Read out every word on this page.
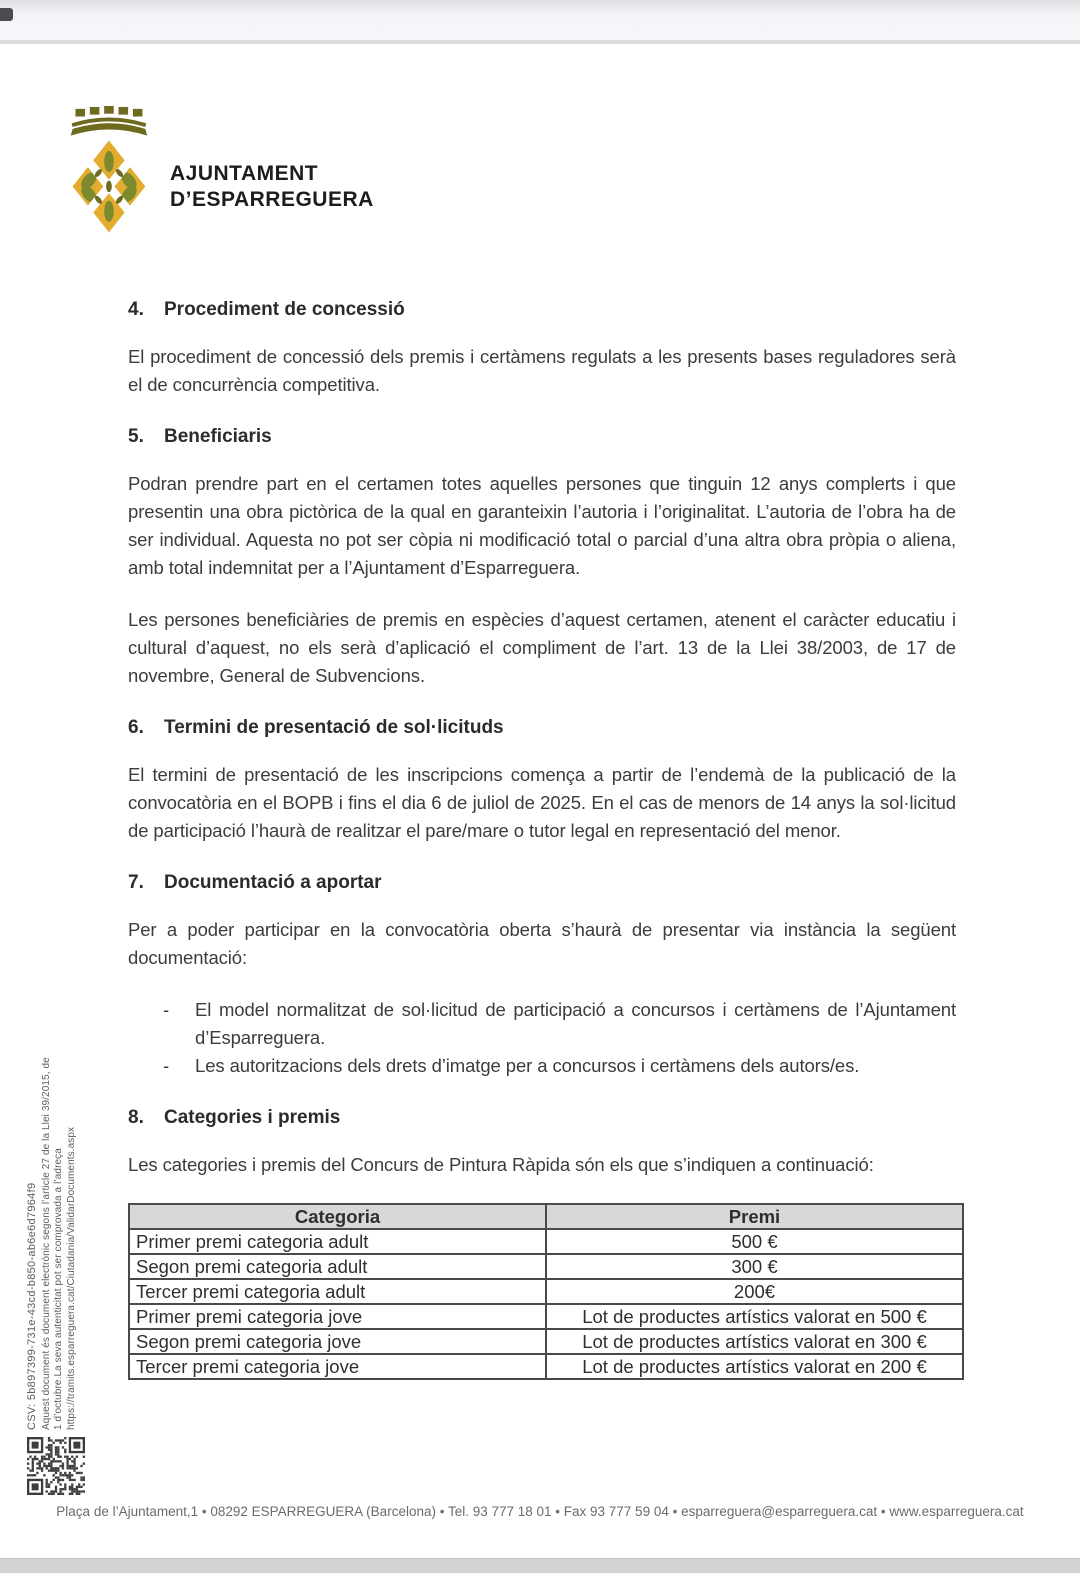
AJUNTAMENT
D’ESPARREGUERA
4.	Procediment de concessió

El procediment de concessió dels premis i certàmens regulats a les presents bases reguladores serà el de concurrència competitiva.

5.	Beneficiaris

Podran prendre part en el certamen totes aquelles persones que tinguin 12 anys complerts i que presentin una obra pictòrica de la qual en garanteixin l’autoria i l’originalitat. L’autoria de l’obra ha de ser individual. Aquesta no pot ser còpia ni modificació total o parcial d’una altra obra pròpia o aliena, amb total indemnitat per a l’Ajuntament d’Esparreguera.

Les persones beneficiàries de premis en espècies d’aquest certamen, atenent el caràcter educatiu i cultural d’aquest, no els serà d’aplicació el compliment de l’art. 13 de la Llei 38/2003, de 17 de novembre, General de Subvencions.

6.	Termini de presentació de sol·licituds

El termini de presentació de les inscripcions comença a partir de l’endemà de la publicació de la convocatòria en el BOPB i fins el dia 6 de juliol de 2025. En el cas de menors de 14 anys la sol·licitud de participació l’haurà de realitzar el pare/mare o tutor legal en representació del menor.

7.	Documentació a aportar

Per a poder participar en la convocatòria oberta s’haurà de presentar via instància la següent documentació:

-	El model normalitzat de sol·licitud de participació a concursos i certàmens de l’Ajuntament d’Esparreguera.
-	Les autoritzacions dels drets d’imatge per a concursos i certàmens dels autors/es.
8.	Categories i premis

Les categories i premis del Concurs de Pintura Ràpida són els que s’indiquen a continuació:

Categoria	Premi
Primer premi categoria adult	500 €
Segon premi categoria adult	300 €
Tercer premi categoria adult	200€
Primer premi categoria jove	Lot de productes artístics valorat en 500 €
Segon premi categoria jove	Lot de productes artístics valorat en 300 €
Tercer premi categoria jove	Lot de productes artístics valorat en 200 €
CSV: 5b897399-731e-43cd-b850-ab6e6d7964f9 Aquest document és document electrònic segons l’article 27 de la Llei 39/2015, de 1 d’octubre.La seva autenticitat pot ser comprovada a l’adreça https://tramits.esparreguera.cat/Ciutadania/ValidarDocuments.aspx
Plaça de l’Ajuntament,1 • 08292 ESPARREGUERA (Barcelona) • Tel. 93 777 18 01 • Fax 93 777 59 04 • esparreguera@esparreguera.cat • www.esparreguera.cat
